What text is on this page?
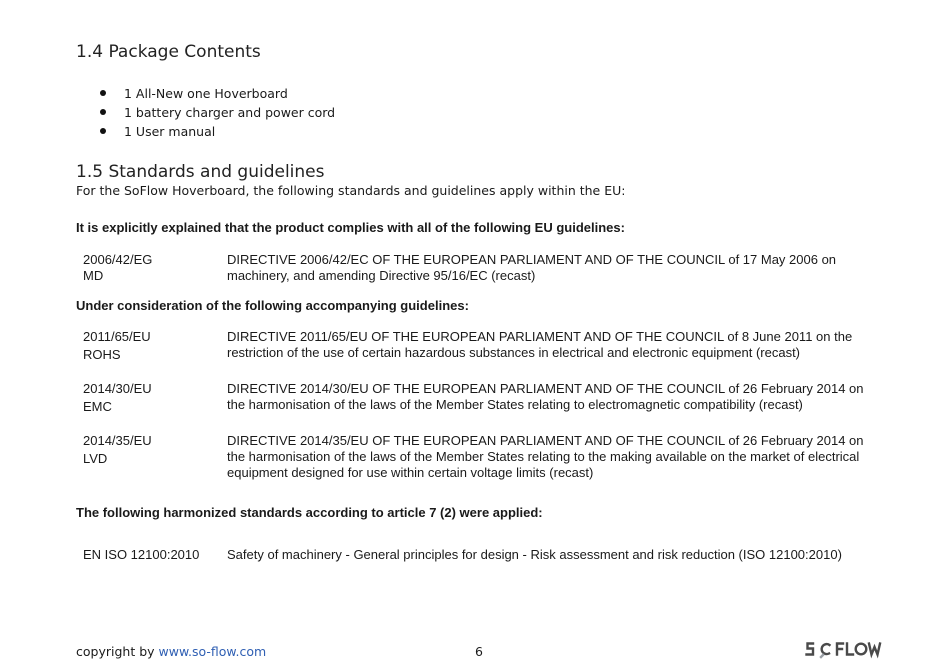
1.4 Package Contents
1 All-New one Hoverboard
1 battery charger and power cord
1 User manual
1.5 Standards and guidelines

For the SoFlow Hoverboard, the following standards and guidelines apply within the EU:

It is explicitly explained that the product complies with all of the following EU guidelines:

2006/42/EG
MD
DIRECTIVE 2006/42/EC OF THE EUROPEAN PARLIAMENT AND OF THE COUNCIL of 17 May 2006 on machinery, and amending Directive 95/16/EC (recast)

Under consideration of the following accompanying guidelines:

2011/65/EU
ROHS
DIRECTIVE 2011/65/EU OF THE EUROPEAN PARLIAMENT AND OF THE COUNCIL of 8 June 2011 on the restriction of the use of certain hazardous substances in electrical and electronic equipment (recast)
2014/30/EU
EMC
DIRECTIVE 2014/30/EU OF THE EUROPEAN PARLIAMENT AND OF THE COUNCIL of 26 February 2014 on the harmonisation of the laws of the Member States relating to electromagnetic compatibility (recast)
2014/35/EU
LVD
DIRECTIVE 2014/35/EU OF THE EUROPEAN PARLIAMENT AND OF THE COUNCIL of 26 February 2014 on the harmonisation of the laws of the Member States relating to the making available on the market of electrical equipment designed for use within certain voltage limits (recast)

The following harmonized standards according to article 7 (2) were applied:

EN ISO 12100:2010	Safety of machinery - General principles for design - Risk assessment and risk reduction (ISO 12100:2010)
copyright by www.so-flow.com	6
